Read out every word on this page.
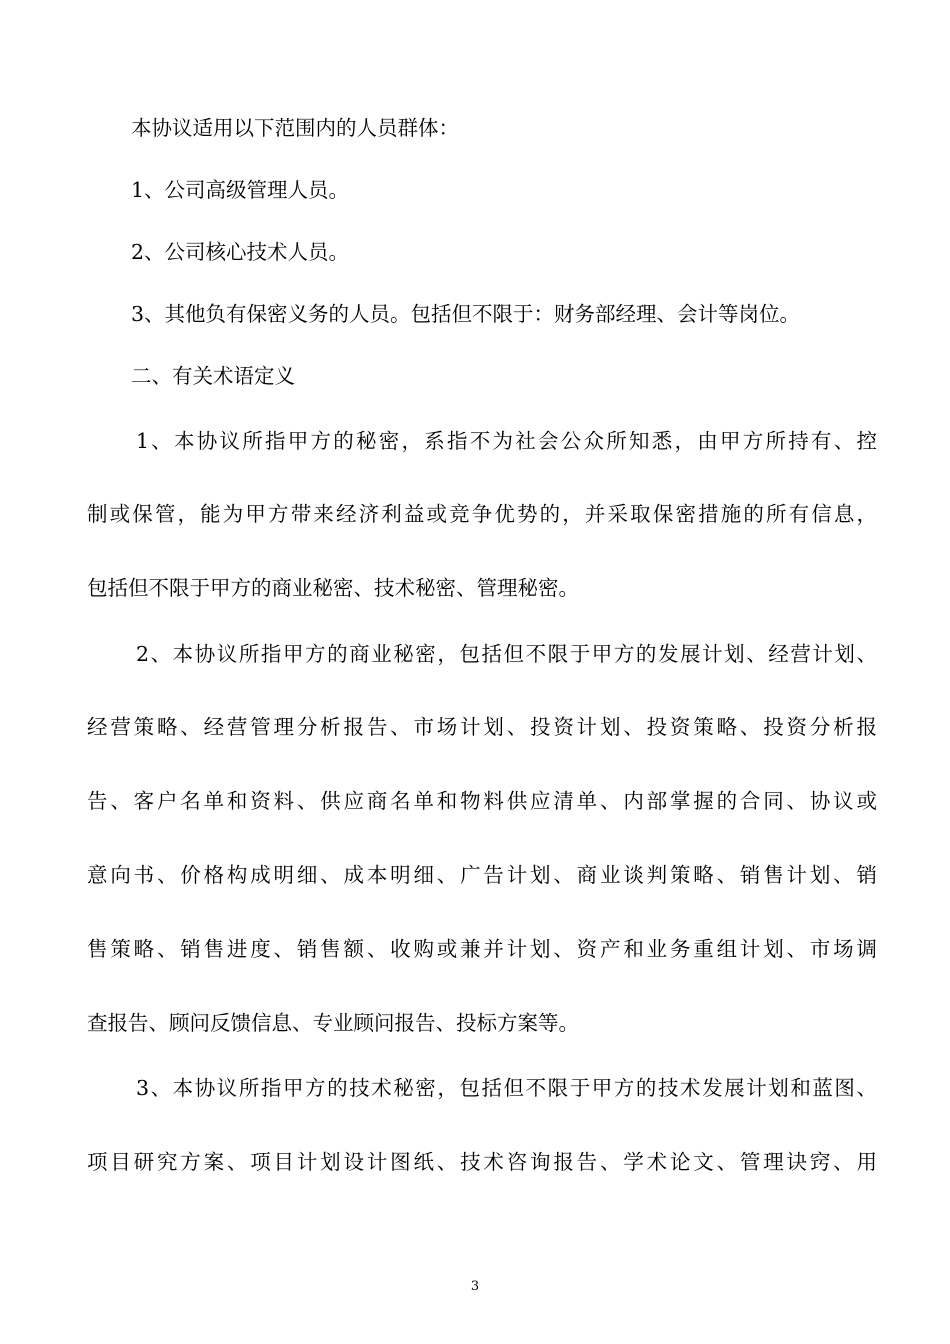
本协议适用以下范围内的人员群体：
1、公司高级管理人员。
2、公司核心技术人员。
3、其他负有保密义务的人员。包括但不限于：财务部经理、会计等岗位。
二、有关术语定义
1、本协议所指甲方的秘密，系指不为社会公众所知悉，由甲方所持有、控
制或保管，能为甲方带来经济利益或竞争优势的，并采取保密措施的所有信息，
包括但不限于甲方的商业秘密、技术秘密、管理秘密。
2、本协议所指甲方的商业秘密，包括但不限于甲方的发展计划、经营计划、
经营策略、经营管理分析报告、市场计划、投资计划、投资策略、投资分析报
告、客户名单和资料、供应商名单和物料供应清单、内部掌握的合同、协议或
意向书、价格构成明细、成本明细、广告计划、商业谈判策略、销售计划、销
售策略、销售进度、销售额、收购或兼并计划、资产和业务重组计划、市场调
查报告、顾问反馈信息、专业顾问报告、投标方案等。
3、本协议所指甲方的技术秘密，包括但不限于甲方的技术发展计划和蓝图、
项目研究方案、项目计划设计图纸、技术咨询报告、学术论文、管理诀窍、用
3
